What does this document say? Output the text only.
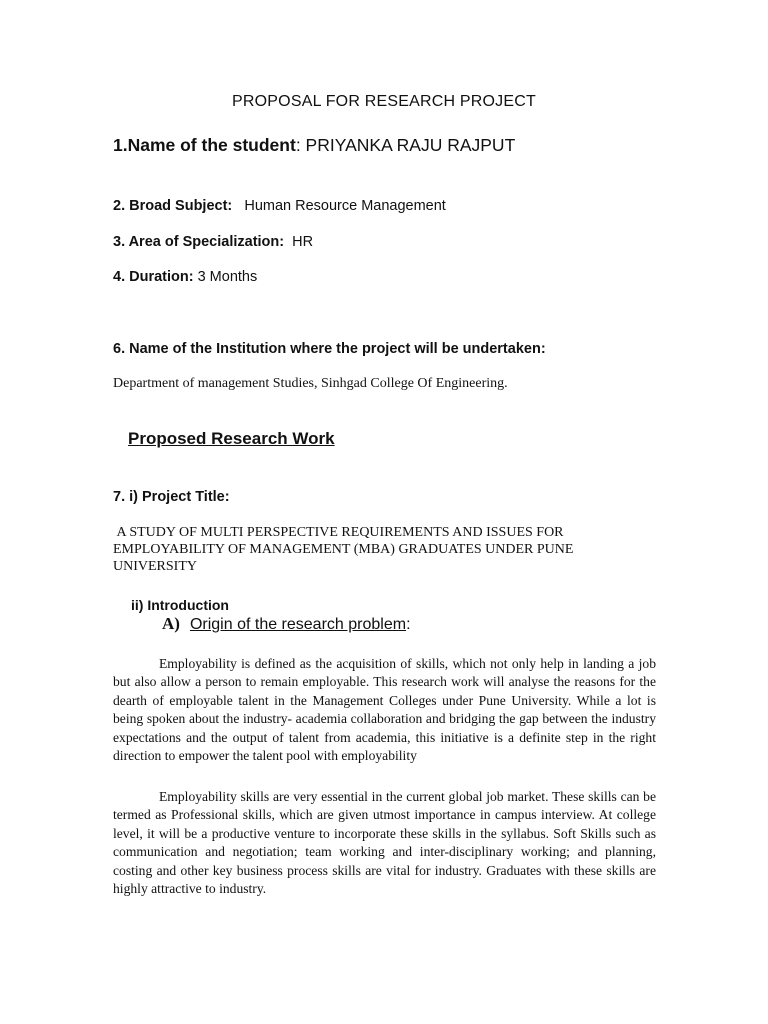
PROPOSAL FOR RESEARCH PROJECT

1.Name of the student: PRIYANKA RAJU RAJPUT

2. Broad Subject: Human Resource Management

3. Area of Specialization: HR

4. Duration: 3 Months

6. Name of the Institution where the project will be undertaken:

Department of management Studies, Sinhgad College Of Engineering.

Proposed Research Work

7. i) Project Title:

A STUDY OF MULTI PERSPECTIVE REQUIREMENTS AND ISSUES FOR EMPLOYABILITY OF MANAGEMENT (MBA) GRADUATES UNDER PUNE UNIVERSITY

ii) Introduction

A) Origin of the research problem:

Employability is defined as the acquisition of skills, which not only help in landing a job but also allow a person to remain employable. This research work will analyse the reasons for the dearth of employable talent in the Management Colleges under Pune University. While a lot is being spoken about the industry- academia collaboration and bridging the gap between the industry expectations and the output of talent from academia, this initiative is a definite step in the right direction to empower the talent pool with employability

Employability skills are very essential in the current global job market. These skills can be termed as Professional skills, which are given utmost importance in campus interview. At college level, it will be a productive venture to incorporate these skills in the syllabus. Soft Skills such as communication and negotiation; team working and inter-disciplinary working; and planning, costing and other key business process skills are vital for industry. Graduates with these skills are highly attractive to industry.
